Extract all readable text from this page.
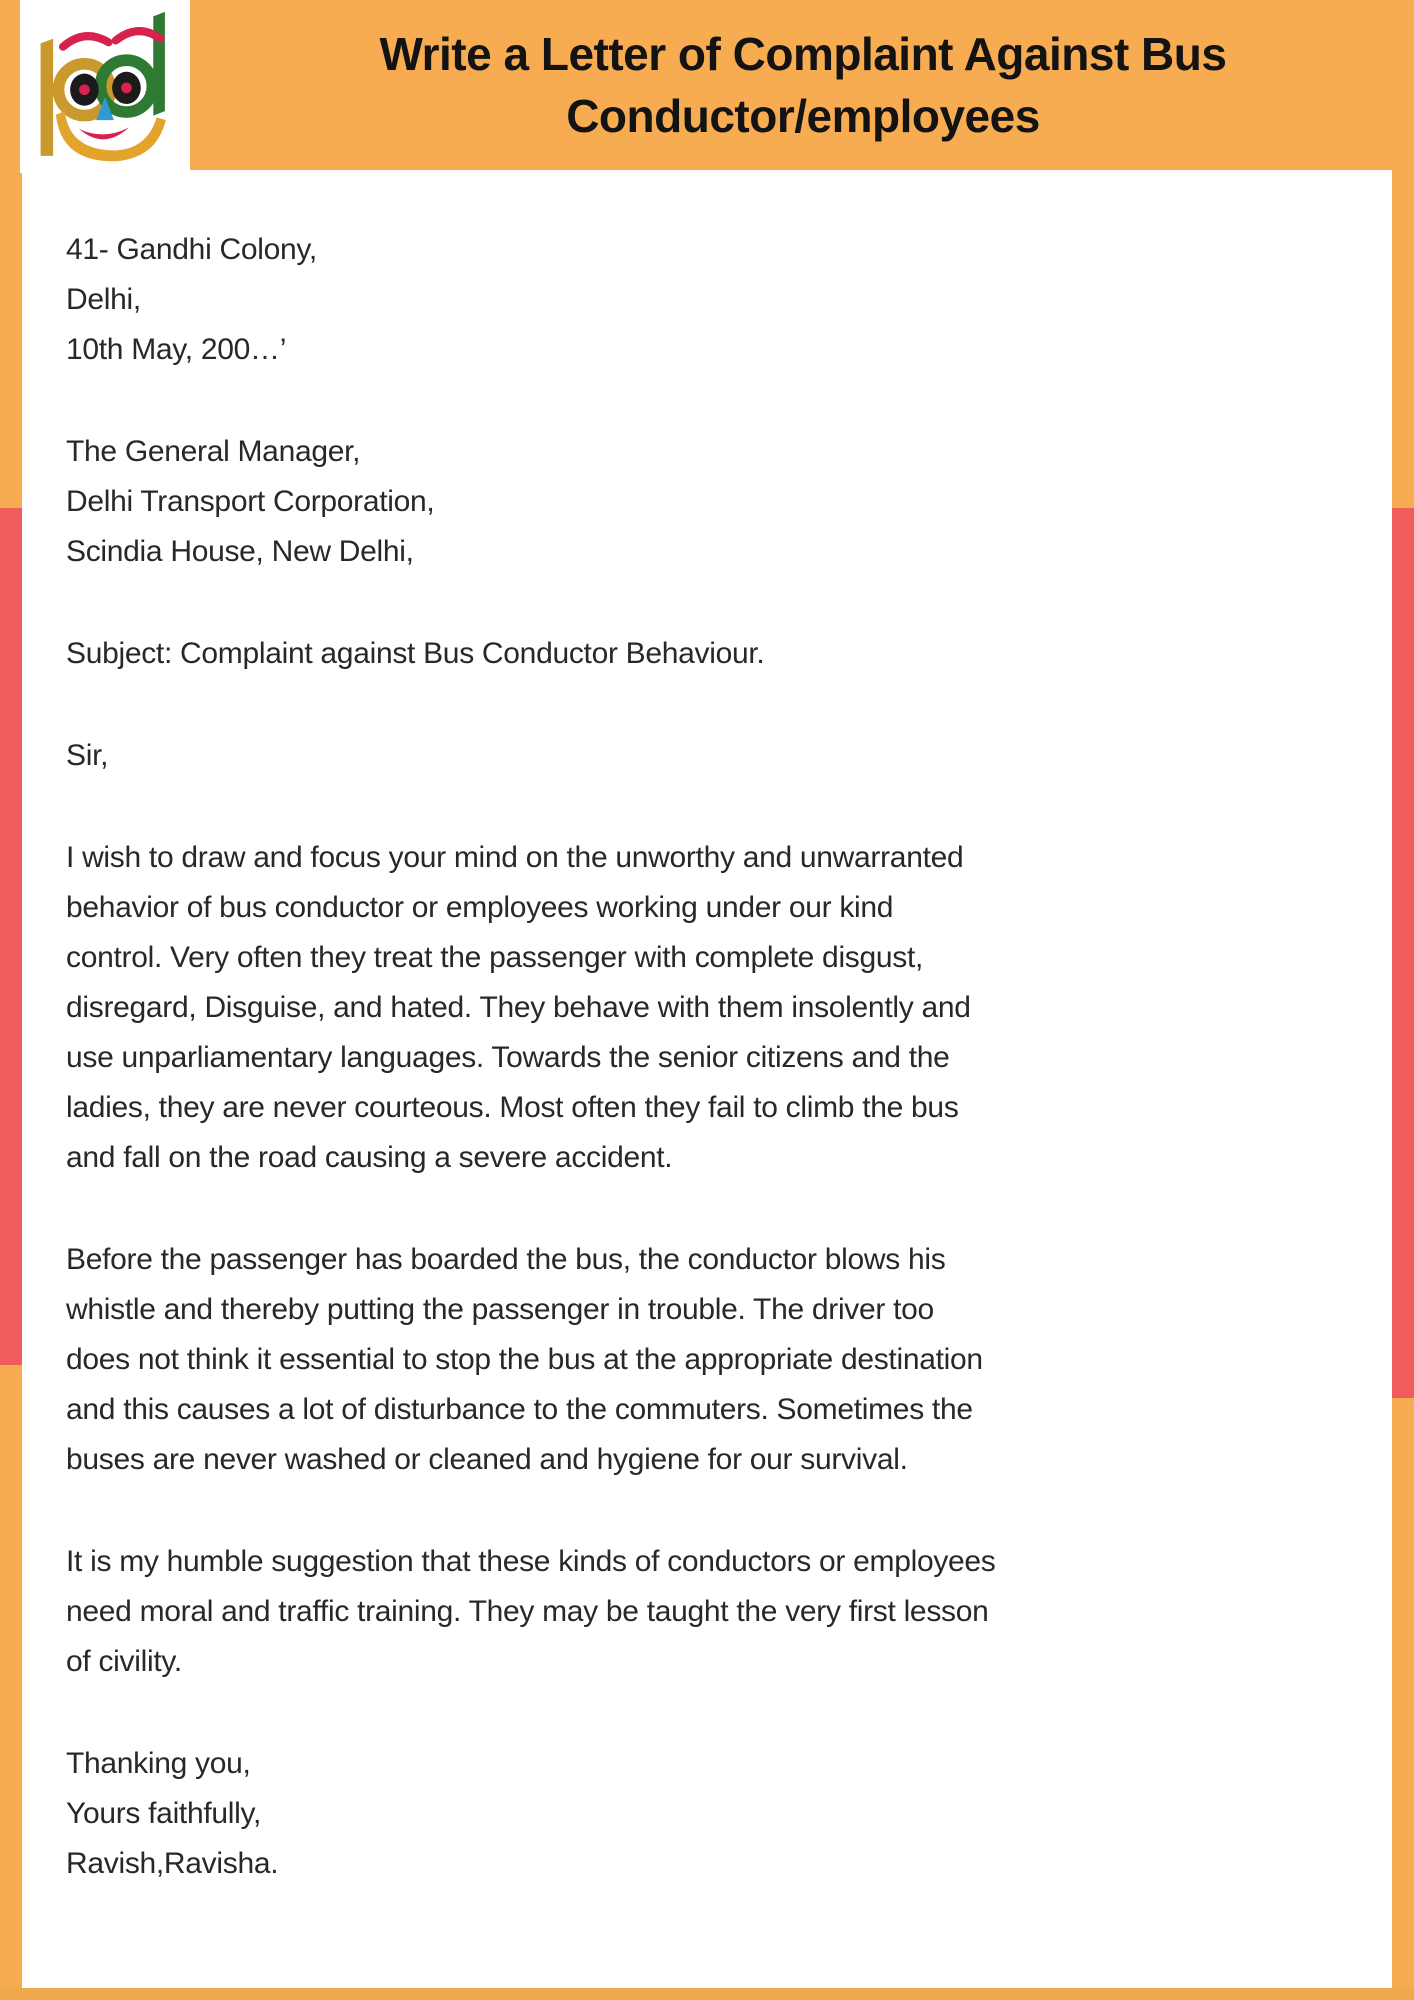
Write a Letter of Complaint Against Bus Conductor/employees
41- Gandhi Colony,
Delhi,
10th May, 200…’
The General Manager,
Delhi Transport Corporation,
Scindia House, New Delhi,
Subject: Complaint against Bus Conductor Behaviour.
Sir,
I wish to draw and focus your mind on the unworthy and unwarranted
behavior of bus conductor or employees working under our kind
control. Very often they treat the passenger with complete disgust,
disregard, Disguise, and hated. They behave with them insolently and
use unparliamentary languages. Towards the senior citizens and the
ladies, they are never courteous. Most often they fail to climb the bus
and fall on the road causing a severe accident.
Before the passenger has boarded the bus, the conductor blows his
whistle and thereby putting the passenger in trouble. The driver too
does not think it essential to stop the bus at the appropriate destination
and this causes a lot of disturbance to the commuters. Sometimes the
buses are never washed or cleaned and hygiene for our survival.
It is my humble suggestion that these kinds of conductors or employees
need moral and traffic training. They may be taught the very first lesson
of civility.
Thanking you,
Yours faithfully,
Ravish,Ravisha.
